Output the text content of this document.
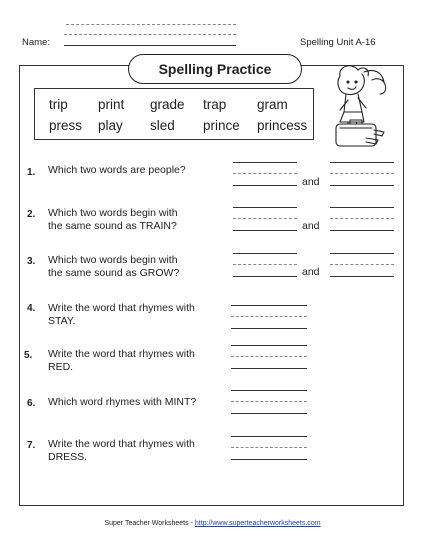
Name:	Spelling Unit A-16
Spelling Practice
trip print grade trap gram
press play sled prince princess
1. Which two words are people?
and
2. Which two words begin with
the same sound as TRAIN?	and
3. Which two words begin with
the same sound as GROW?	and
4. Write the word that rhymes with
STAY.
5. Write the word that rhymes with
RED.
6. Which word rhymes with MINT?
7. Write the word that rhymes with
DRESS.
Super Teacher Worksheets - http://www.superteacherworksheets.com
